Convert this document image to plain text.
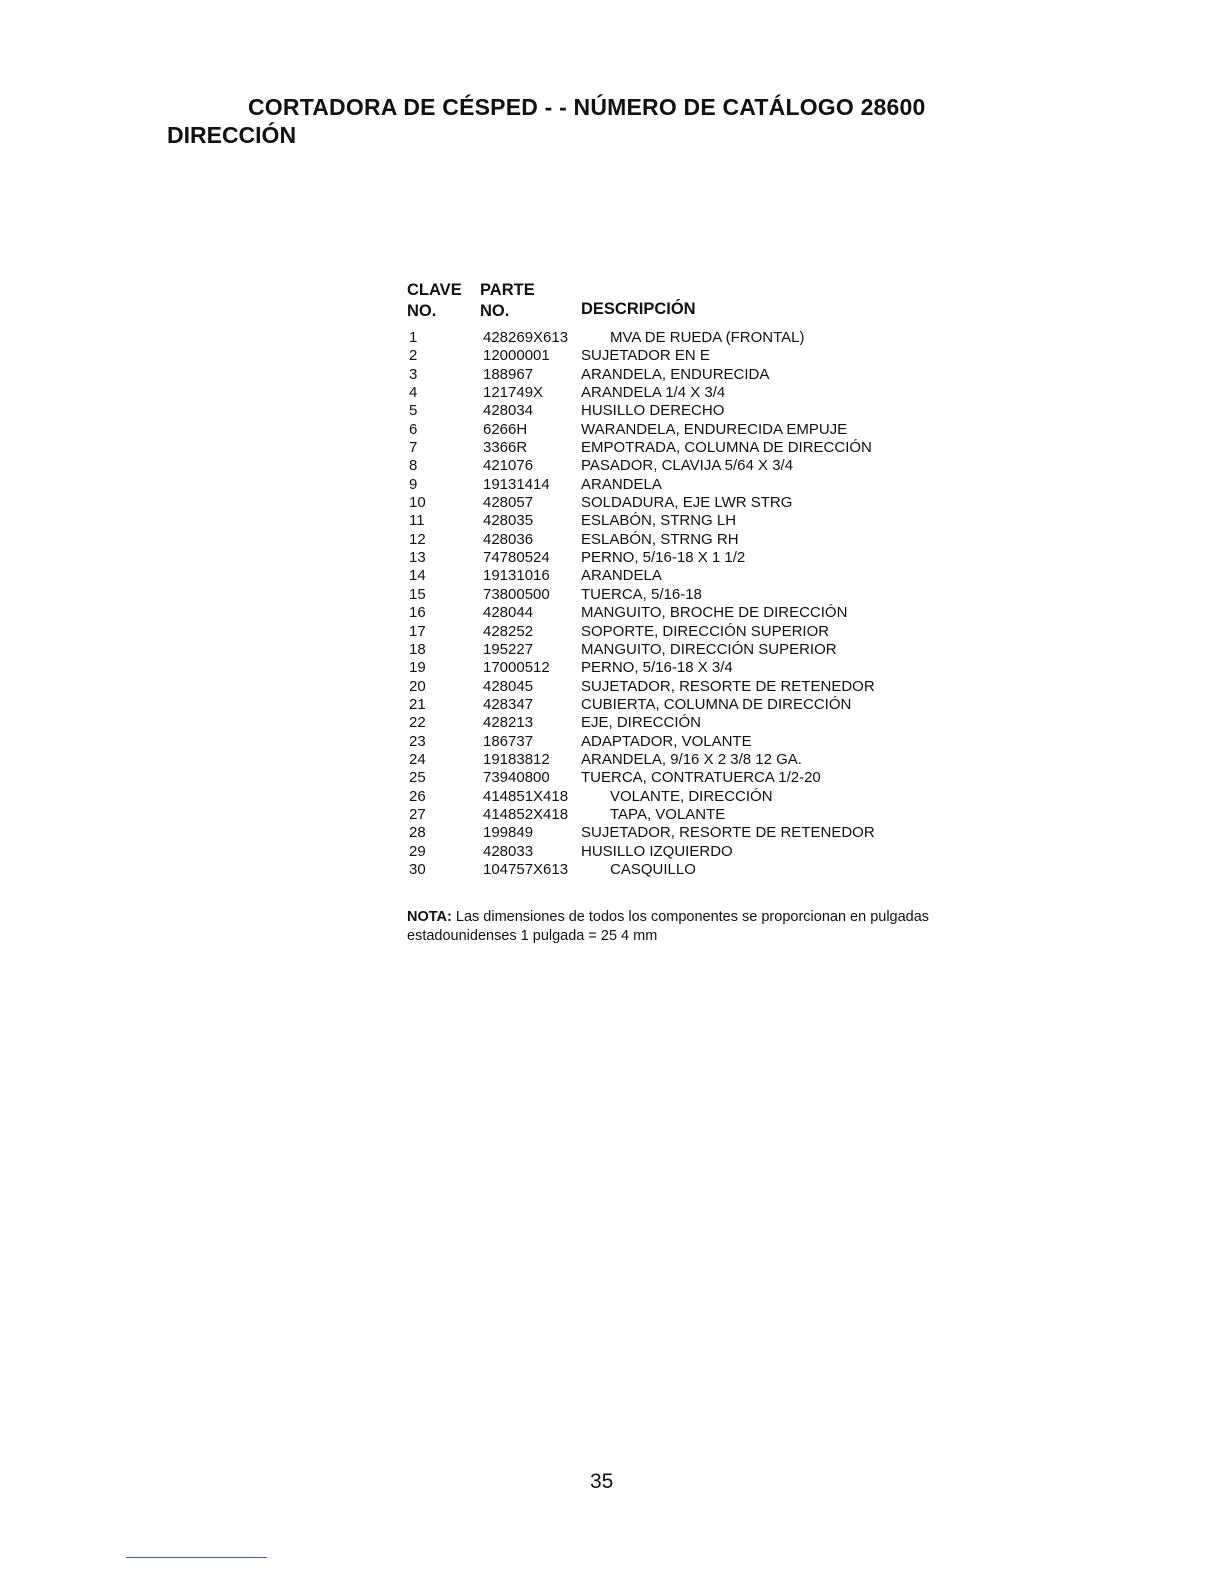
CORTADORA DE CÉSPED - - NÚMERO DE CATÁLOGO 28600
DIRECCIÓN
CLAVE PARTE
NO.	NO.	DESCRIPCIÓN
1	428269X613	MVA DE RUEDA (FRONTAL)
2	12000001 SUJETADOR EN E
3	188967	ARANDELA, ENDURECIDA
4	121749X	ARANDELA 1/4 X 3/4
5	428034	HUSILLO DERECHO
6	6266H	WARANDELA, ENDURECIDA EMPUJE
7	3366R	EMPOTRADA, COLUMNA DE DIRECCIÓN
8	421076	PASADOR, CLAVIJA 5/64 X 3/4
9	19131414 ARANDELA
10	428057	SOLDADURA, EJE LWR STRG
11	428035	ESLABÓN, STRNG LH
12	428036	ESLABÓN, STRNG RH
13	74780524 PERNO, 5/16-18 X 1 1/2
14	19131016 ARANDELA
15	73800500 TUERCA, 5/16-18
16	428044	MANGUITO, BROCHE DE DIRECCIÓN
17	428252	SOPORTE, DIRECCIÓN SUPERIOR
18	195227	MANGUITO, DIRECCIÓN SUPERIOR
19	17000512 PERNO, 5/16-18 X 3/4
20	428045	SUJETADOR, RESORTE DE RETENEDOR
21	428347	CUBIERTA, COLUMNA DE DIRECCIÓN
22	428213	EJE, DIRECCIÓN
23	186737	ADAPTADOR, VOLANTE
24	19183812 ARANDELA, 9/16 X 2 3/8 12 GA.
25	73940800 TUERCA, CONTRATUERCA 1/2-20
26	414851X418	VOLANTE, DIRECCIÓN
27	414852X418	TAPA, VOLANTE
28	199849	SUJETADOR, RESORTE DE RETENEDOR
29	428033	HUSILLO IZQUIERDO
30	104757X613	CASQUILLO
NOTA: Las dimensiones de todos los componentes se proporcionan en pulgadas estadounidenses 1 pulgada = 25 4 mm
35
